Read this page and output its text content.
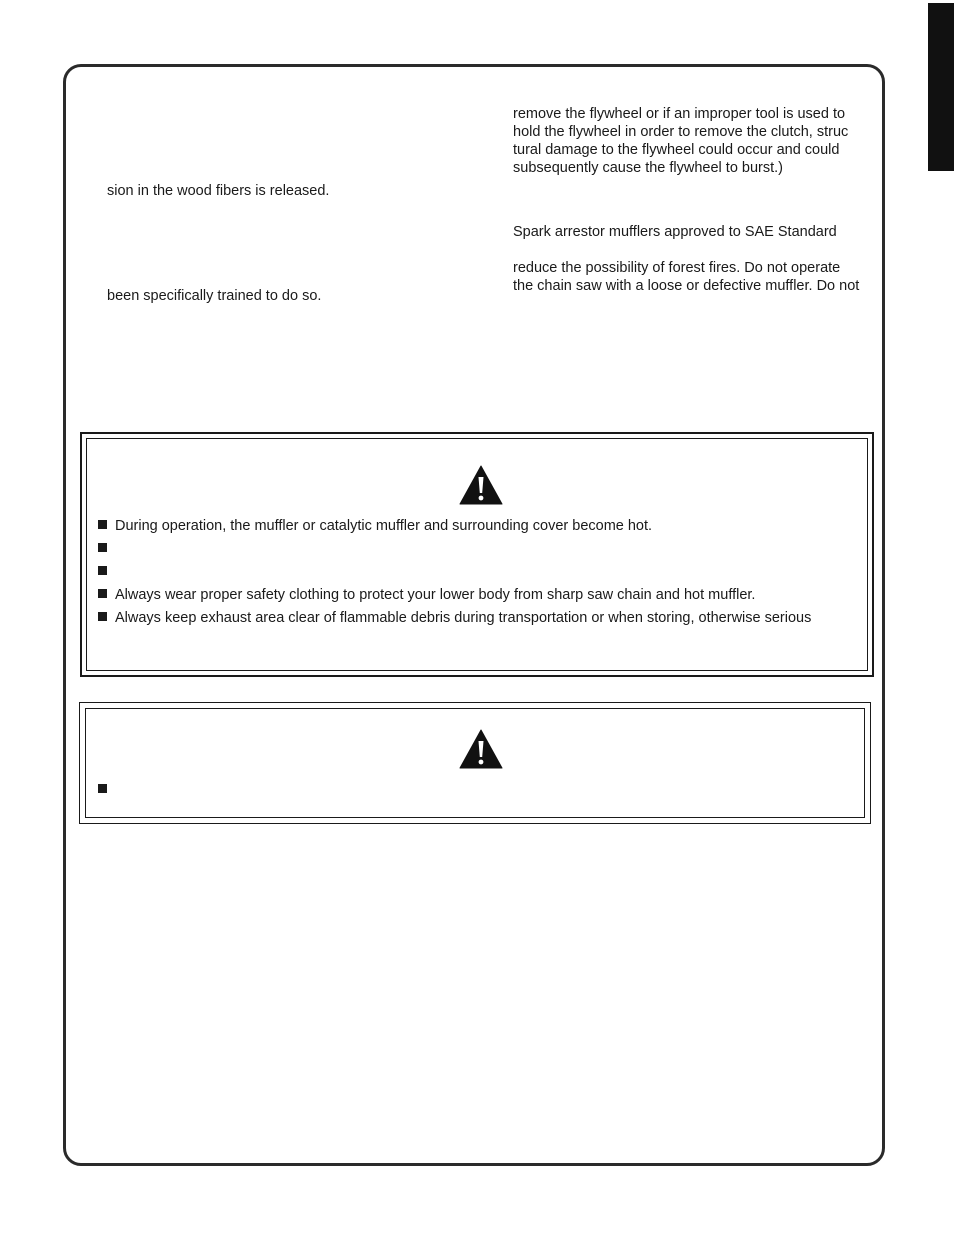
sion in the wood fibers is released.
been specifically trained to do so.
remove the flywheel or if an improper tool is used to
hold the flywheel in order to remove the clutch, struc
tural damage to the flywheel could occur and could
subsequently cause the flywheel to burst.)
Spark arrestor mufflers approved to SAE Standard
reduce the possibility of forest fires. Do not operate
the chain saw with a loose or defective muffler. Do not
During operation, the muffler or catalytic muffler and surrounding cover become hot.
Always wear proper safety clothing to protect your lower body from sharp saw chain and hot muffler.
Always keep exhaust area clear of flammable debris during transportation or when storing, otherwise serious
